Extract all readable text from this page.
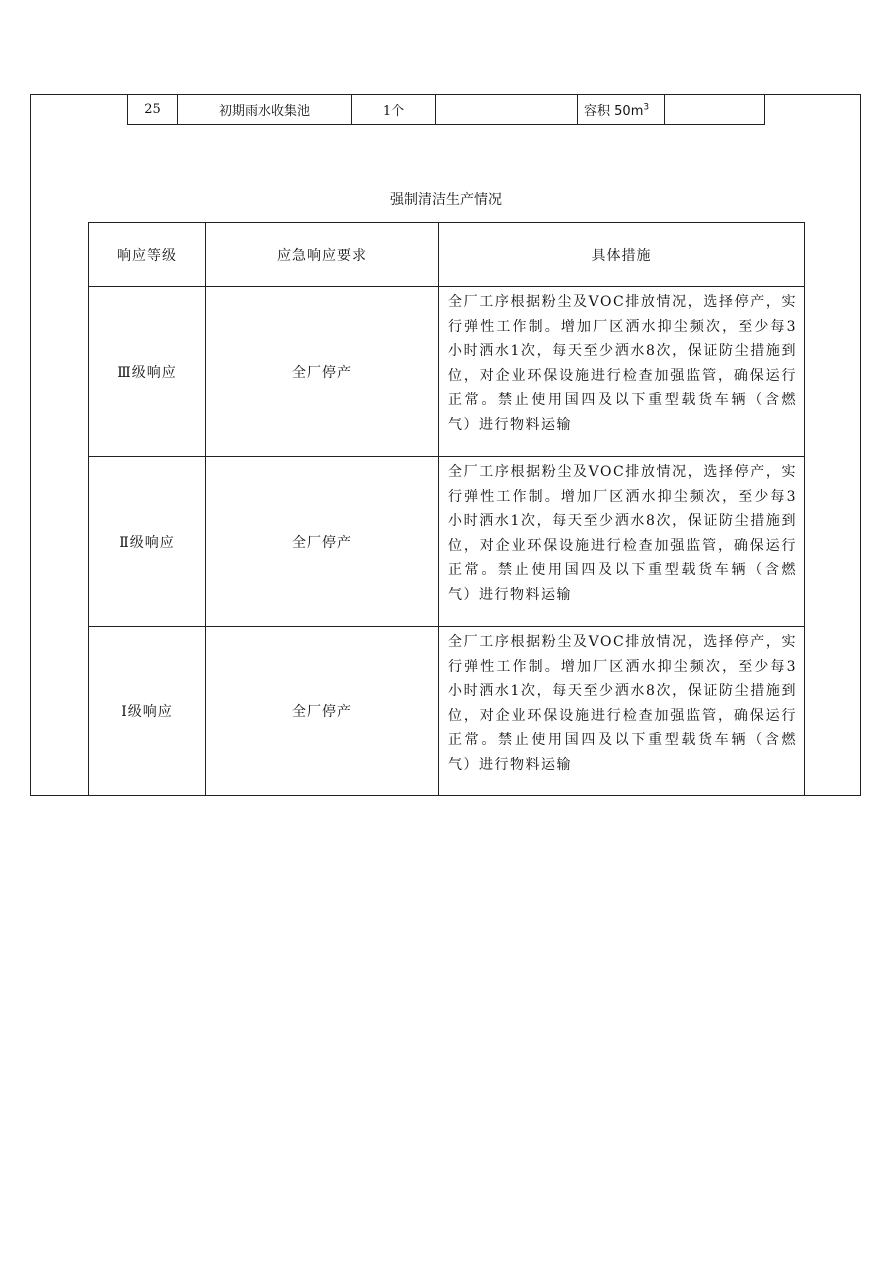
25	初期雨水收集池	1个		容积 $50m^3$	
强制清洁生产情况
响应等级	应急响应要求	具体措施
Ⅲ级响应	全厂停产	全厂工序根据粉尘及VOC排放情况，选择停产，实行弹性工作制。增加厂区洒水抑尘频次，至少每3小时洒水1次，每天至少洒水8次，保证防尘措施到位，对企业环保设施进行检查加强监管，确保运行正常。禁止使用国四及以下重型载货车辆（含燃气）进行物料运输
Ⅱ级响应	全厂停产	全厂工序根据粉尘及VOC排放情况，选择停产，实行弹性工作制。增加厂区洒水抑尘频次，至少每3小时洒水1次，每天至少洒水8次，保证防尘措施到位，对企业环保设施进行检查加强监管，确保运行正常。禁止使用国四及以下重型载货车辆（含燃气）进行物料运输
Ⅰ级响应	全厂停产	全厂工序根据粉尘及VOC排放情况，选择停产，实行弹性工作制。增加厂区洒水抑尘频次，至少每3小时洒水1次，每天至少洒水8次，保证防尘措施到位，对企业环保设施进行检查加强监管，确保运行正常。禁止使用国四及以下重型载货车辆（含燃气）进行物料运输
